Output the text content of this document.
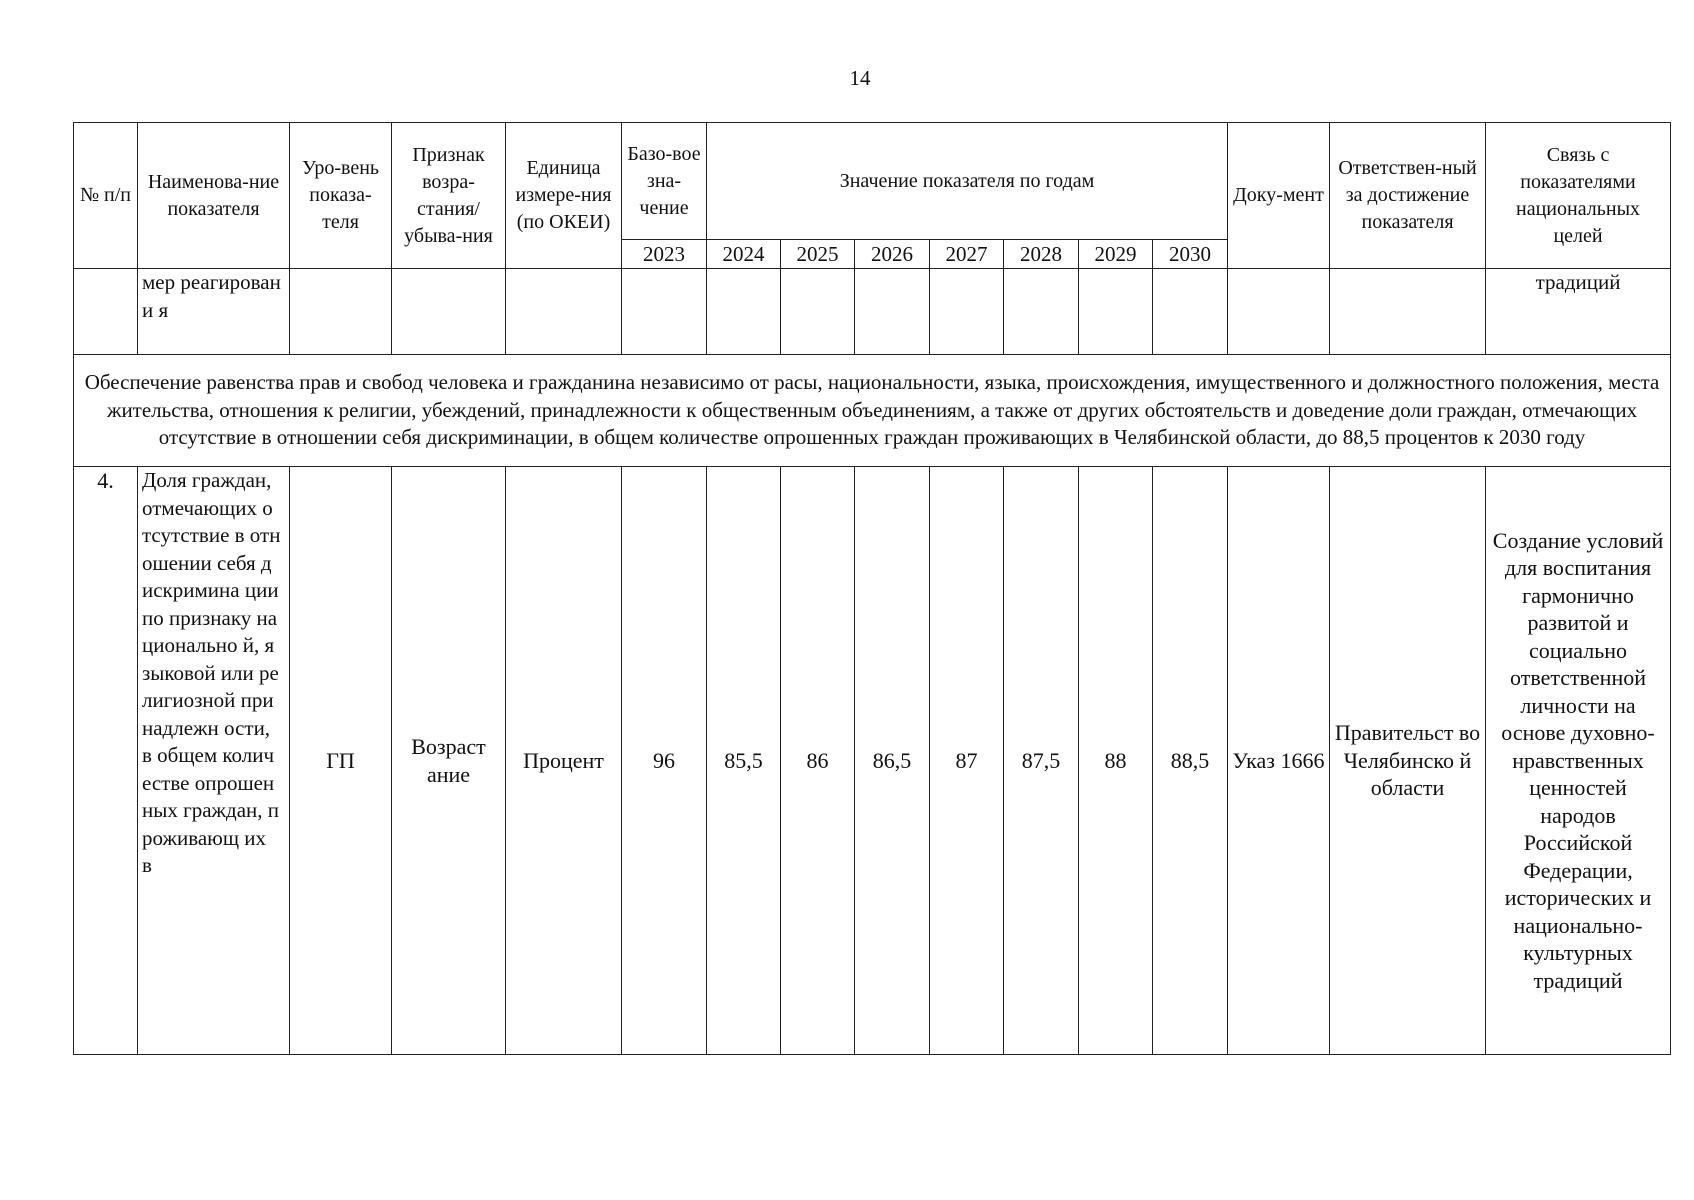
14
№ п/п	Наименова-ние показателя	Уро-вень показа-теля	Признак возра-стания/ убыва-ния	Единица измере-ния (по ОКЕИ)	Базо-вое зна-чение	Значение показателя по годам							Доку-мент	Ответствен-ный за достижение показателя	Связь с показателями национальных целей
					2023	2024	2025	2026	2027	2028	2029	2030			
	мер реагировани я														традиций
Обеспечение равенства прав и свобод человека и гражданина независимо от расы, национальности, языка, происхождения, имущественного и должностного положения, места жительства, отношения к религии, убеждений, принадлежности к общественным объединениям, а также от других обстоятельств и доведение доли граждан, отмечающих отсутствие в отношении себя дискриминации, в общем количестве опрошенных граждан проживающих в Челябинской области, до 88,5 процентов к 2030 году															
4.	Доля граждан, отмечающих отсутствие в отношении себя дискримина ции по признаку национально й, языковой или религиозной принадлежн ости, в общем количестве опрошенных граждан, проживающ их в	ГП	Возраст ание	Процент	96	85,5	86	86,5	87	87,5	88	88,5	Указ 1666	Правительст во Челябинско й области	Создание условий для воспитания гармонично развитой и социально ответственной личности на основе духовно-нравственных ценностей народов Российской Федерации, исторических и национально-культурных традиций
